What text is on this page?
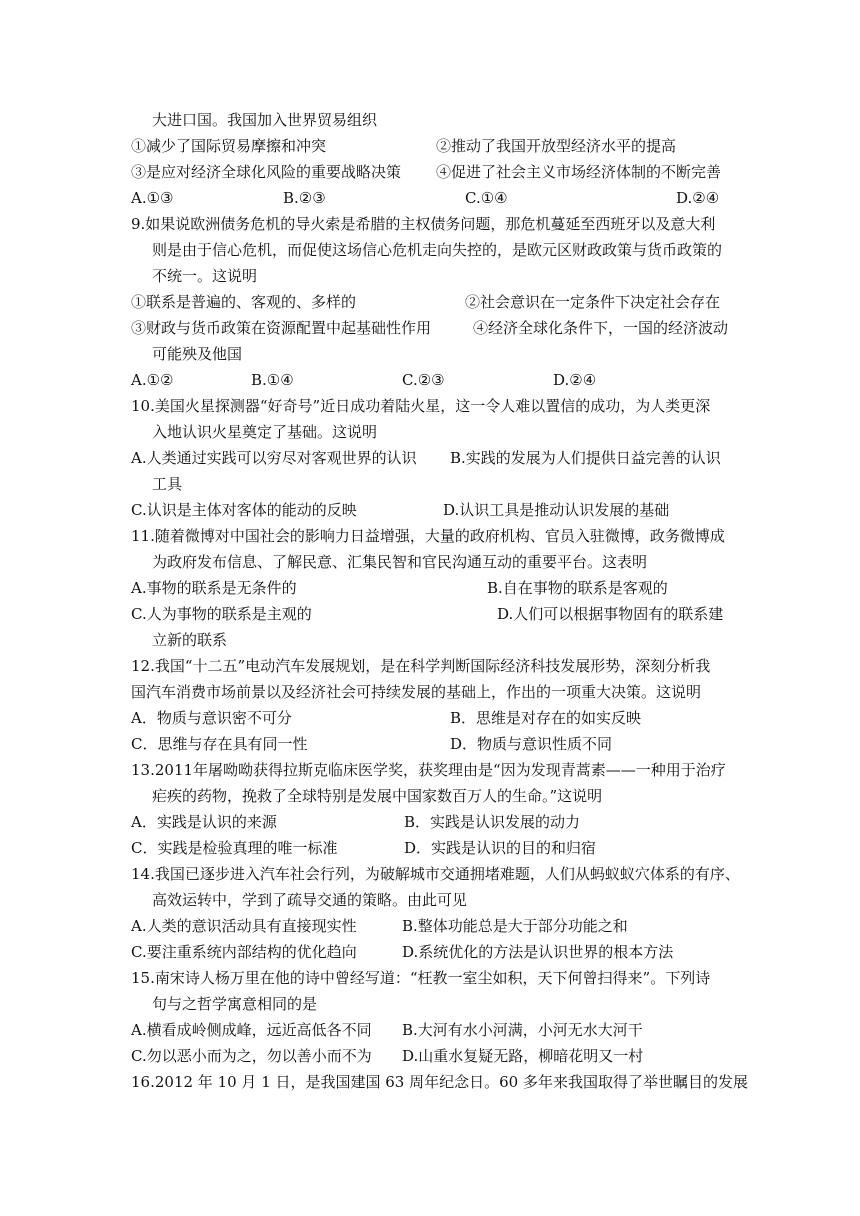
大进口国。我国加入世界贸易组织
①减少了国际贸易摩擦和冲突	②推动了我国开放型经济水平的提高
③是应对经济全球化风险的重要战略决策 ④促进了社会主义市场经济体制的不断完善
A.①③	B.②③	C.①④	D.②④
9.如果说欧洲债务危机的导火索是希腊的主权债务问题，那危机蔓延至西班牙以及意大利
则是由于信心危机，而促使这场信心危机走向失控的，是欧元区财政政策与货币政策的
不统一。这说明
①联系是普遍的、客观的、多样的	②社会意识在一定条件下决定社会存在
③财政与货币政策在资源配置中起基础性作用	④经济全球化条件下，一国的经济波动
可能殃及他国
A.①②	B.①④	C.②③	D.②④
10.美国火星探测器“好奇号”近日成功着陆火星，这一令人难以置信的成功，为人类更深
入地认识火星奠定了基础。这说明
A.人类通过实践可以穷尽对客观世界的认识 B.实践的发展为人们提供日益完善的认识
工具
C.认识是主体对客体的能动的反映	D.认识工具是推动认识发展的基础
11.随着微博对中国社会的影响力日益增强，大量的政府机构、官员入驻微博，政务微博成
为政府发布信息、了解民意、汇集民智和官民沟通互动的重要平台。这表明
A.事物的联系是无条件的	B.自在事物的联系是客观的
C.人为事物的联系是主观的	D.人们可以根据事物固有的联系建
立新的联系
12.我国“十二五”电动汽车发展规划，是在科学判断国际经济科技发展形势，深刻分析我
国汽车消费市场前景以及经济社会可持续发展的基础上，作出的一项重大决策。这说明
A．物质与意识密不可分	B．思维是对存在的如实反映
C．思维与存在具有同一性	D．物质与意识性质不同
13.2011年屠呦呦获得拉斯克临床医学奖，获奖理由是“因为发现青蒿素——一种用于治疗
疟疾的药物，挽救了全球特别是发展中国家数百万人的生命。”这说明
A．实践是认识的来源	B．实践是认识发展的动力
C．实践是检验真理的唯一标准	D．实践是认识的目的和归宿
14.我国已逐步进入汽车社会行列，为破解城市交通拥堵难题，人们从蚂蚁蚁穴体系的有序、
高效运转中，学到了疏导交通的策略。由此可见
A.人类的意识活动具有直接现实性	B.整体功能总是大于部分功能之和
C.要注重系统内部结构的优化趋向	D.系统优化的方法是认识世界的根本方法
15.南宋诗人杨万里在他的诗中曾经写道：“枉教一室尘如积，天下何曾扫得来”。下列诗
句与之哲学寓意相同的是
A.横看成岭侧成峰，远近高低各不同 B.大河有水小河满，小河无水大河干
C.勿以恶小而为之，勿以善小而不为 D.山重水复疑无路，柳暗花明又一村
16.2012 年 10 月 1 日，是我国建国 63 周年纪念日。60 多年来我国取得了举世瞩目的发展
